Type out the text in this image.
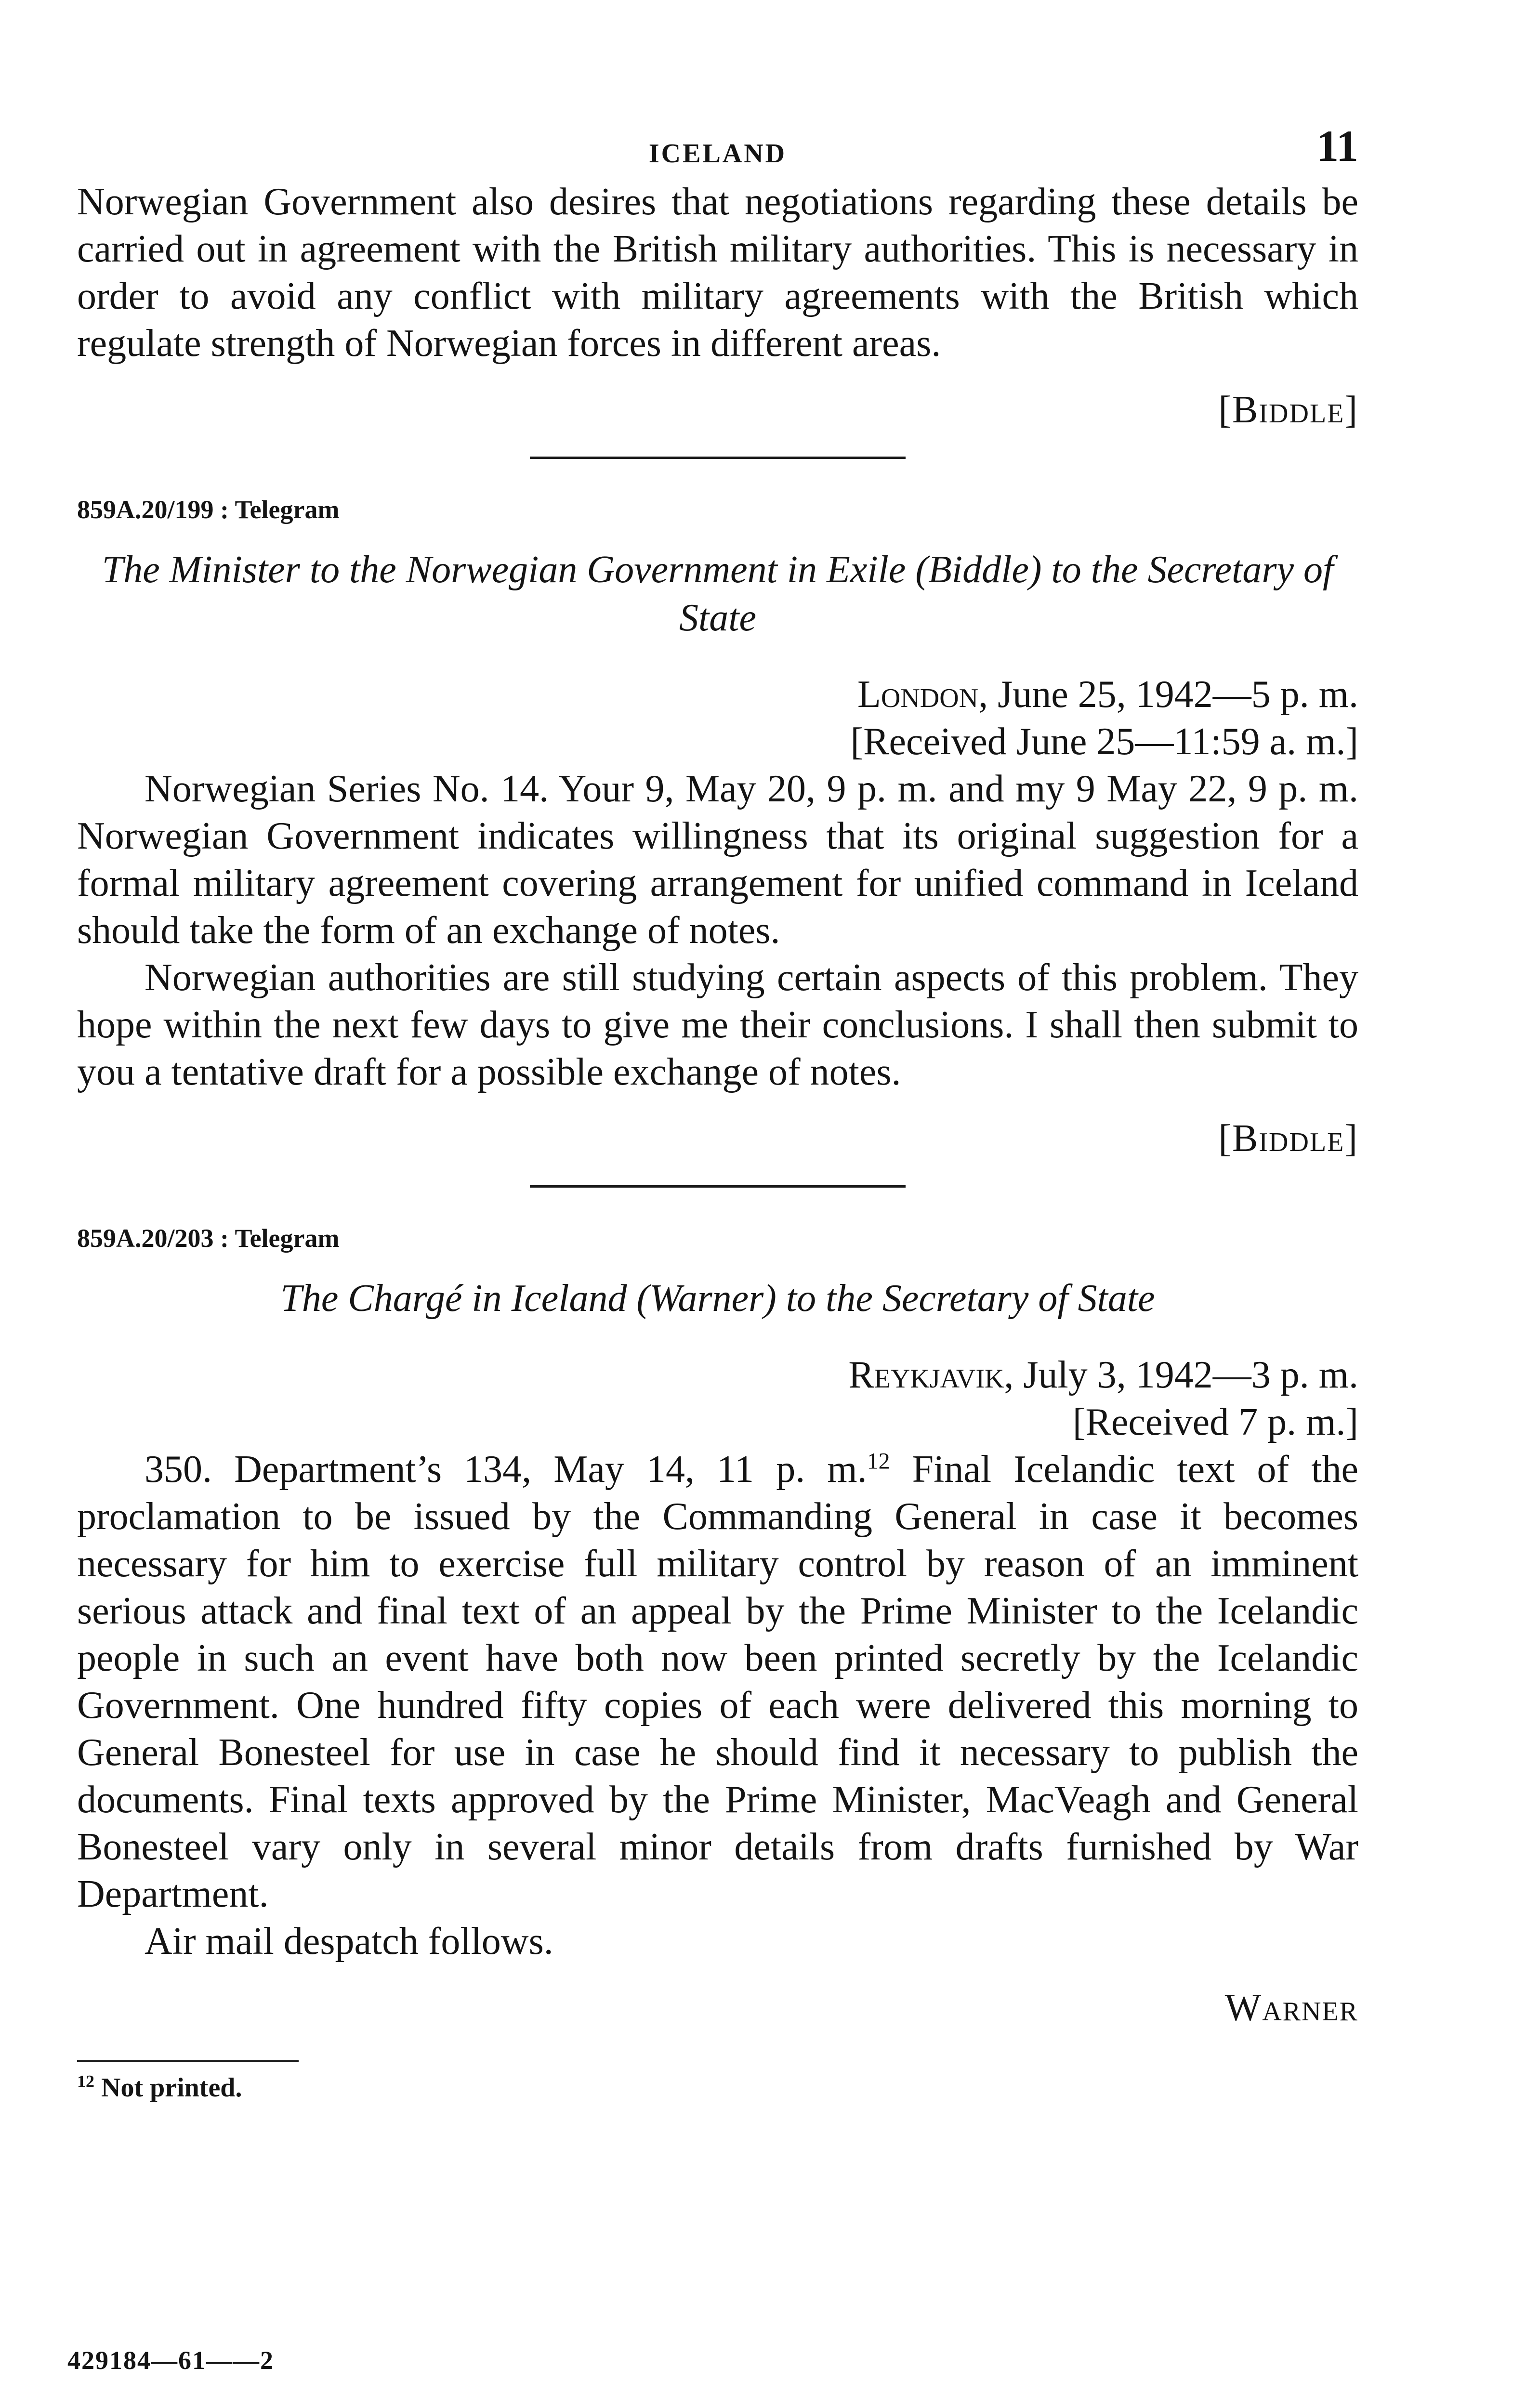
ICELAND	11

Norwegian Government also desires that negotiations regarding these details be carried out in agreement with the British military authorities. This is necessary in order to avoid any conflict with military agreements with the British which regulate strength of Norwegian forces in different areas.

[Biddle]
859A.20/199 : Telegram
The Minister to the Norwegian Government in Exile (Biddle) to the Secretary of State
London, June 25, 1942—5 p. m.
[Received June 25—11:59 a. m.]

Norwegian Series No. 14. Your 9, May 20, 9 p. m. and my 9 May 22, 9 p. m. Norwegian Government indicates willingness that its original suggestion for a formal military agreement covering arrangement for unified command in Iceland should take the form of an exchange of notes.

Norwegian authorities are still studying certain aspects of this problem. They hope within the next few days to give me their conclusions. I shall then submit to you a tentative draft for a possible exchange of notes.

[Biddle]
859A.20/203 : Telegram
The Chargé in Iceland (Warner) to the Secretary of State
Reykjavik, July 3, 1942—3 p. m.
[Received 7 p. m.]

350. Department’s 134, May 14, 11 p. m.$^{12}$ Final Icelandic text of the proclamation to be issued by the Commanding General in case it becomes necessary for him to exercise full military control by reason of an imminent serious attack and final text of an appeal by the Prime Minister to the Icelandic people in such an event have both now been printed secretly by the Icelandic Government. One hundred fifty copies of each were delivered this morning to General Bonesteel for use in case he should find it necessary to publish the documents. Final texts approved by the Prime Minister, MacVeagh and General Bonesteel vary only in several minor details from drafts furnished by War Department.

Air mail despatch follows.

Warner
$^{12}$ Not printed.
429184—61——2
